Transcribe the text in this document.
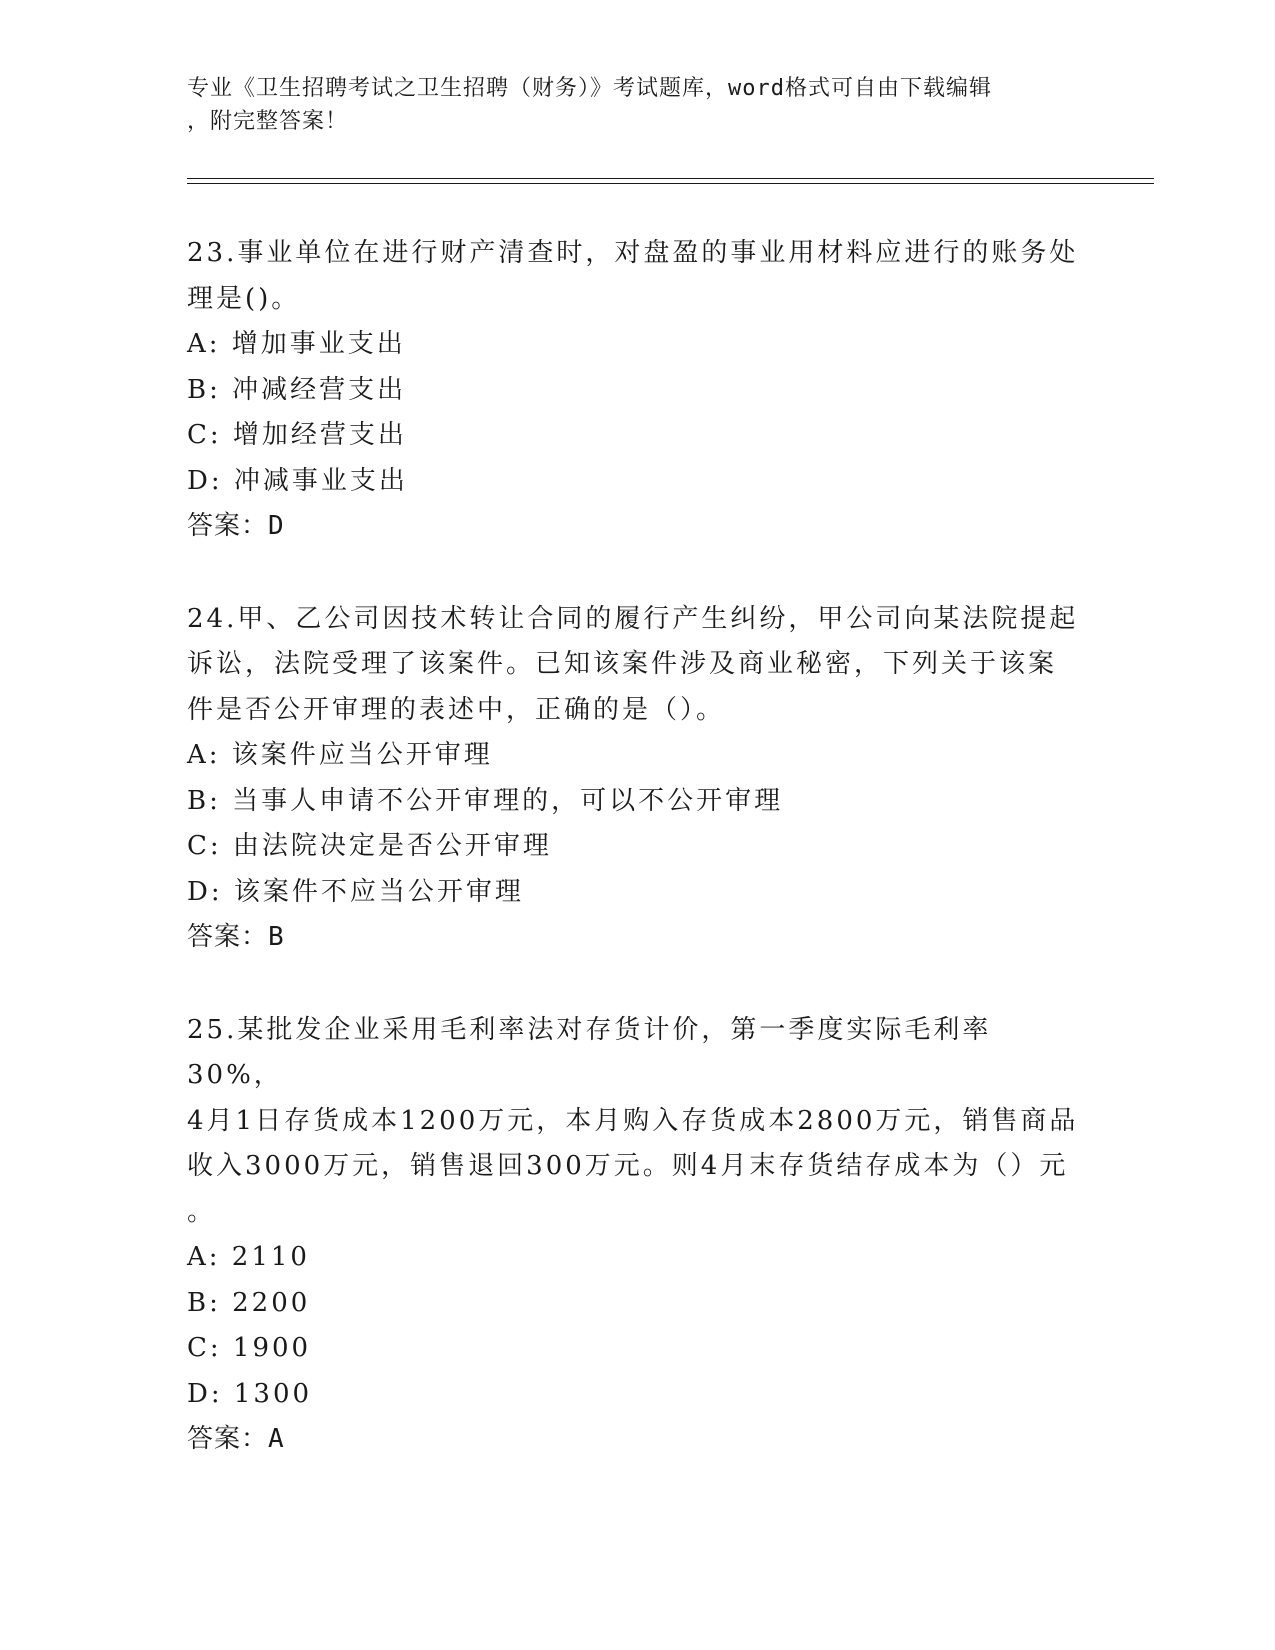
专业《卫生招聘考试之卫生招聘（财务）》考试题库，word格式可自由下载编辑
，附完整答案！
23.事业单位在进行财产清查时，对盘盈的事业用材料应进行的账务处
理是()。
A: 增加事业支出
B: 冲减经营支出
C: 增加经营支出
D: 冲减事业支出
答案：D
24.甲、乙公司因技术转让合同的履行产生纠纷，甲公司向某法院提起
诉讼，法院受理了该案件。已知该案件涉及商业秘密，下列关于该案
件是否公开审理的表述中，正确的是（）。
A: 该案件应当公开审理
B: 当事人申请不公开审理的，可以不公开审理
C: 由法院决定是否公开审理
D: 该案件不应当公开审理
答案：B
25.某批发企业采用毛利率法对存货计价，第一季度实际毛利率30%，
4月1日存货成本1200万元，本月购入存货成本2800万元，销售商品
收入3000万元，销售退回300万元。则4月末存货结存成本为（）元
。
A: 2110
B: 2200
C: 1900
D: 1300
答案：A
